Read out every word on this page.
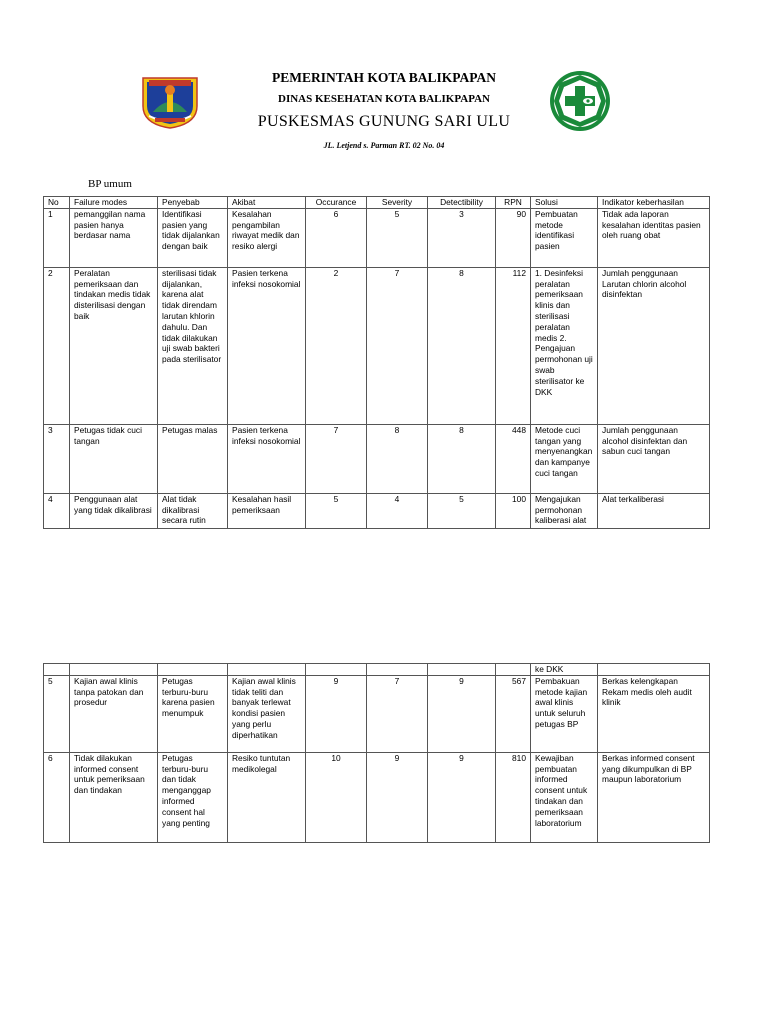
PEMERINTAH KOTA BALIKPAPAN
DINAS KESEHATAN KOTA BALIKPAPAN
PUSKESMAS GUNUNG SARI ULU
JL. Letjend s. Parman RT. 02 No. 04
BP umum
No	Failure modes	Penyebab	Akibat	Occurance	Severity	Detectibility	RPN	Solusi	Indikator keberhasilan
1	pemanggilan nama pasien hanya berdasar nama	Identifikasi pasien yang tidak dijalankan dengan baik	Kesalahan pengambilan riwayat medik dan resiko alergi	6	5	3	90	Pembuatan metode identifikasi pasien	Tidak ada laporan kesalahan identitas pasien oleh ruang obat
2	Peralatan pemeriksaan dan tindakan medis tidak disterilisasi dengan baik	sterilisasi tidak dijalankan, karena alat tidak direndam larutan khlorin dahulu. Dan tidak dilakukan uji swab bakteri pada sterilisator	Pasien terkena infeksi nosokomial	2	7	8	112	1. Desinfeksi peralatan pemeriksaan klinis dan sterilisasi peralatan medis 2. Pengajuan permohonan uji swab sterilisator ke DKK	Jumlah penggunaan Larutan chlorin alcohol disinfektan
3	Petugas tidak cuci tangan	Petugas malas	Pasien terkena infeksi nosokomial	7	8	8	448	Metode cuci tangan yang menyenangkan dan kampanye cuci tangan	Jumlah penggunaan alcohol disinfektan dan sabun cuci tangan
4	Penggunaan alat yang tidak dikalibrasi	Alat tidak dikalibrasi secara rutin	Kesalahan hasil pemeriksaan	5	4	5	100	Mengajukan permohonan kaliberasi alat	Alat terkaliberasi
								ke DKK	
5	Kajian awal klinis tanpa patokan dan prosedur	Petugas terburu-buru karena pasien menumpuk	Kajian awal klinis tidak teliti dan banyak terlewat kondisi pasien yang perlu diperhatikan	9	7	9	567	Pembakuan metode kajian awal klinis untuk seluruh petugas BP	Berkas kelengkapan Rekam medis oleh audit klinik
6	Tidak dilakukan informed consent untuk pemeriksaan dan tindakan	Petugas terburu-buru dan tidak menganggap informed consent hal yang penting	Resiko tuntutan medikolegal	10	9	9	810	Kewajiban pembuatan informed consent untuk tindakan dan pemeriksaan laboratorium	Berkas informed consent yang dikumpulkan di BP maupun laboratorium
